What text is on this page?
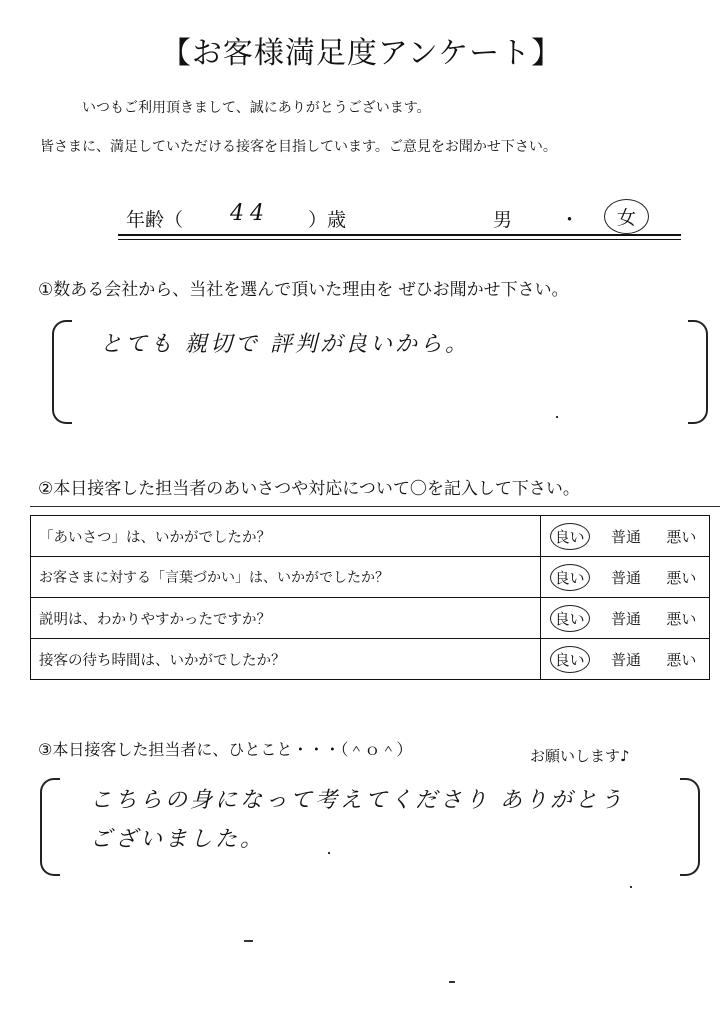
【お客様満足度アンケート】
いつもご利用頂きまして、誠にありがとうございます。
皆さまに、満足していただける接客を目指しています。ご意見をお聞かせ下さい。
年齢（ 44 ）歳	男	・	女
①数ある会社から、当社を選んで頂いた理由を ぜひお聞かせ下さい。
とても 親切で 評判が良いから。
②本日接客した担当者のあいさつや対応について〇を記入して下さい。
「あいさつ」は、いかがでしたか？	良い 普通 悪い

お客さまに対する「言葉づかい」は、いかがでしたか？	良い 普通 悪い

説明は、わかりやすかったですか？	良い 普通 悪い

接客の待ち時間は、いかがでしたか？	良い 普通 悪い
③本日接客した担当者に、ひとこと・・・（＾ｏ＾）	お願いします♪
こちらの身になって考えてくださり ありがとう
ございました。
